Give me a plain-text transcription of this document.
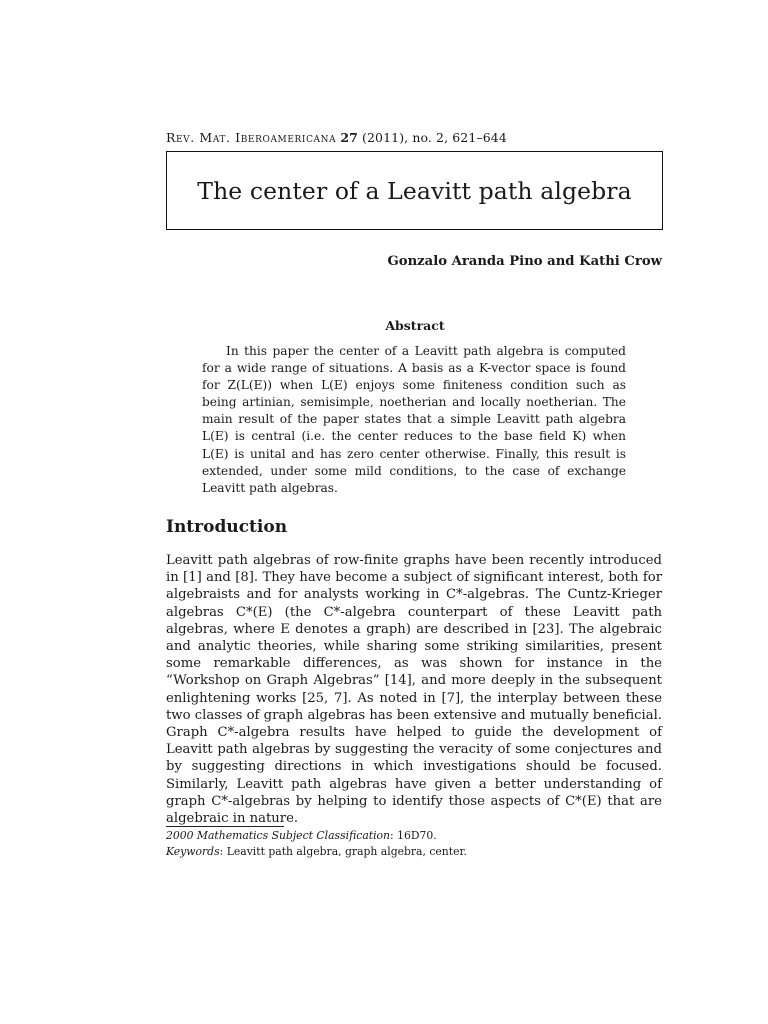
Rev. Mat. Iberoamericana 27 (2011), no. 2, 621–644
The center of a Leavitt path algebra
Gonzalo Aranda Pino and Kathi Crow
Abstract

In this paper the center of a Leavitt path algebra is computed for a wide range of situations. A basis as a K-vector space is found for Z(L(E)) when L(E) enjoys some finiteness condition such as being artinian, semisimple, noetherian and locally noetherian. The main result of the paper states that a simple Leavitt path algebra L(E) is central (i.e. the center reduces to the base field K) when L(E) is unital and has zero center otherwise. Finally, this result is extended, under some mild conditions, to the case of exchange Leavitt path algebras.

Introduction

Leavitt path algebras of row-finite graphs have been recently introduced in [1] and [8]. They have become a subject of significant interest, both for algebraists and for analysts working in C*-algebras. The Cuntz-Krieger algebras C*(E) (the C*-algebra counterpart of these Leavitt path algebras, where E denotes a graph) are described in [23]. The algebraic and analytic theories, while sharing some striking similarities, present some remarkable differences, as was shown for instance in the “Workshop on Graph Algebras” [14], and more deeply in the subsequent enlightening works [25, 7]. As noted in [7], the interplay between these two classes of graph algebras has been extensive and mutually beneficial. Graph C*-algebra results have helped to guide the development of Leavitt path algebras by suggesting the veracity of some conjectures and by suggesting directions in which investigations should be focused. Similarly, Leavitt path algebras have given a better understanding of graph C*-algebras by helping to identify those aspects of C*(E) that are algebraic in nature.

2000 Mathematics Subject Classification: 16D70.
Keywords: Leavitt path algebra, graph algebra, center.
